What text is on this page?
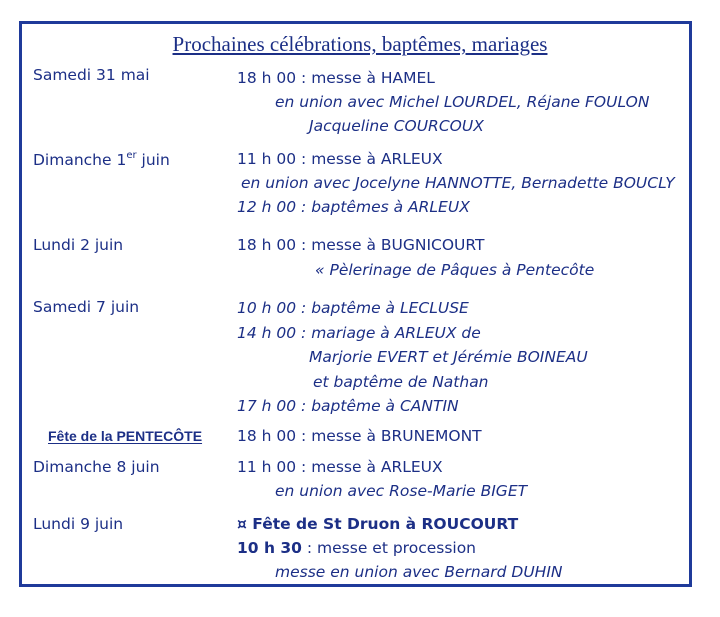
Prochaines célébrations, baptêmes, mariages
Samedi 31 mai	18 h 00 : messe à HAMEL
en union avec Michel LOURDEL, Réjane FOULON
Jacqueline COURCOUX
Dimanche 1er juin	11 h 00 : messe à ARLEUX
en union avec Jocelyne HANNOTTE, Bernadette BOUCLY
12 h 00 : baptêmes à ARLEUX
Lundi 2 juin	18 h 00 : messe à BUGNICOURT
« Pèlerinage de Pâques à Pentecôte
Samedi 7 juin	10 h 00 : baptême à LECLUSE
14 h 00 : mariage à ARLEUX de
Marjorie EVERT et Jérémie BOINEAU
et baptême de Nathan
17 h 00 : baptême à CANTIN
Fête de la PENTECÔTE 18 h 00 : messe à BRUNEMONT
Dimanche 8 juin	11 h 00 : messe à ARLEUX
en union avec Rose-Marie BIGET
Lundi 9 juin	¤ Fête de St Druon à ROUCOURT
10 h 30 : messe et procession
messe en union avec Bernard DUHIN
